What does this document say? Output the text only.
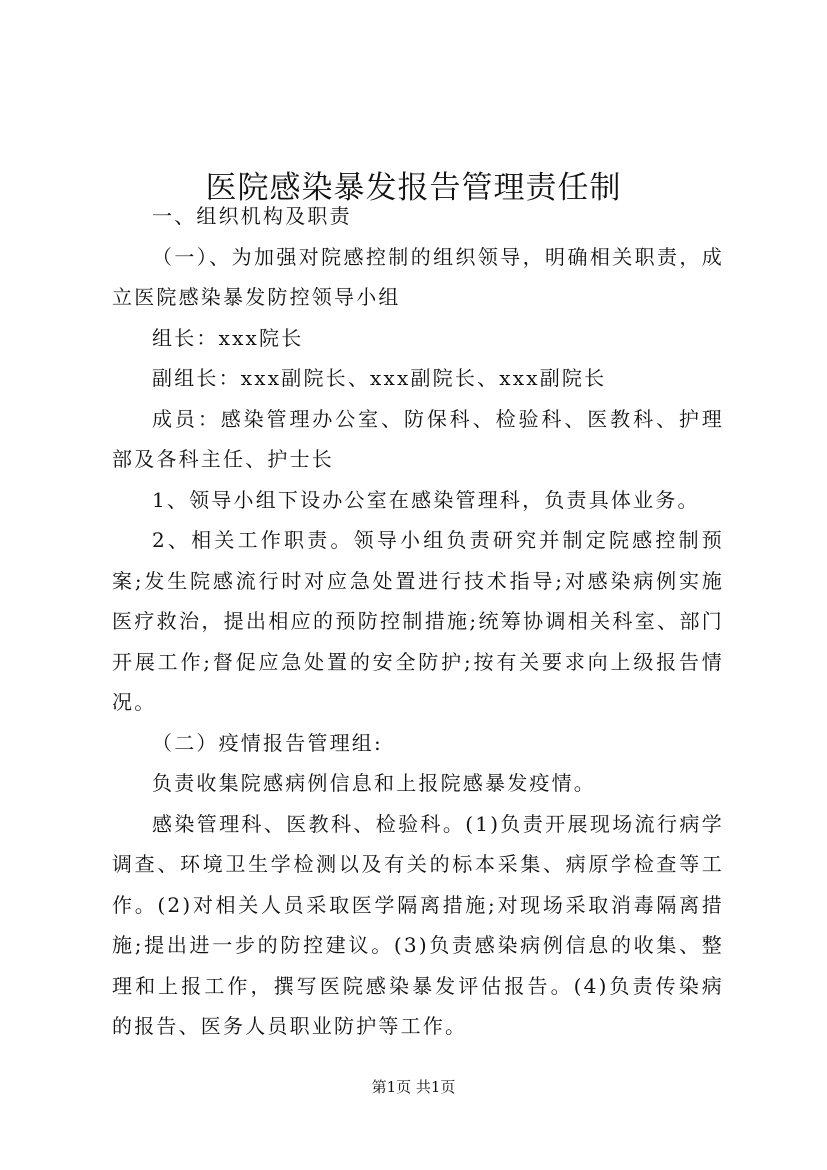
医院感染暴发报告管理责任制

一、组织机构及职责

（一）、为加强对院感控制的组织领导，明确相关职责，成立医院感染暴发防控领导小组

组长：xxx院长

副组长：xxx副院长、xxx副院长、xxx副院长

成员：感染管理办公室、防保科、检验科、医教科、护理部及各科主任、护士长

1、领导小组下设办公室在感染管理科，负责具体业务。

2、相关工作职责。领导小组负责研究并制定院感控制预案;发生院感流行时对应急处置进行技术指导;对感染病例实施医疗救治，提出相应的预防控制措施;统筹协调相关科室、部门开展工作;督促应急处置的安全防护;按有关要求向上级报告情况。

（二）疫情报告管理组:

负责收集院感病例信息和上报院感暴发疫情。

感染管理科、医教科、检验科。(1)负责开展现场流行病学调查、环境卫生学检测以及有关的标本采集、病原学检查等工作。(2)对相关人员采取医学隔离措施;对现场采取消毒隔离措施;提出进一步的防控建议。(3)负责感染病例信息的收集、整理和上报工作，撰写医院感染暴发评估报告。(4)负责传染病的报告、医务人员职业防护等工作。

第1页 共1页
